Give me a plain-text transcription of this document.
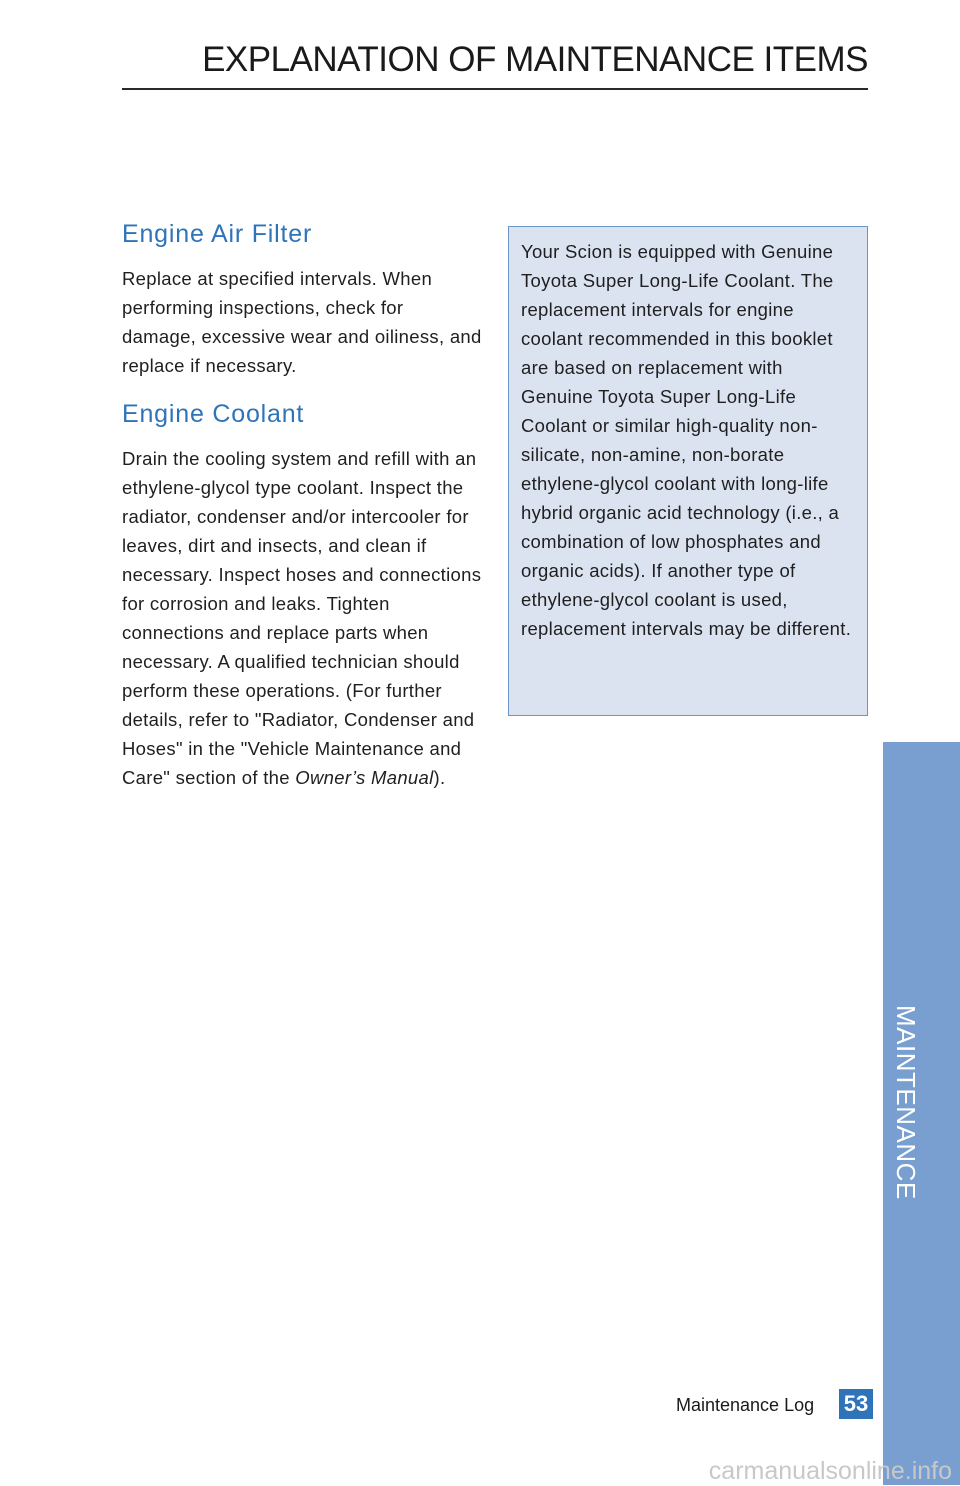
EXPLANATION OF MAINTENANCE ITEMS
Engine Air Filter

Replace at specified intervals. When performing inspections, check for damage, excessive wear and oiliness, and replace if necessary.

Engine Coolant

Drain the cooling system and refill with an ethylene-glycol type coolant. Inspect the radiator, condenser and/or intercooler for leaves, dirt and insects, and clean if necessary. Inspect hoses and connections for corrosion and leaks. Tighten connections and replace parts when necessary. A qualified technician should perform these operations. (For further details, refer to "Radiator, Condenser and Hoses" in the "Vehicle Maintenance and Care" section of the Owner’s Manual).

Your Scion is equipped with Genuine Toyota Super Long-Life Coolant. The replacement intervals for engine coolant recommended in this booklet are based on replacement with Genuine Toyota Super Long-Life Coolant or similar high-quality non-silicate, non-amine, non-borate ethylene-glycol coolant with long-life hybrid organic acid technology (i.e., a combination of low phosphates and organic acids). If another type of ethylene-glycol coolant is used, replacement intervals may be different.

MAINTENANCE
Maintenance Log 53
carmanualsonline.info
